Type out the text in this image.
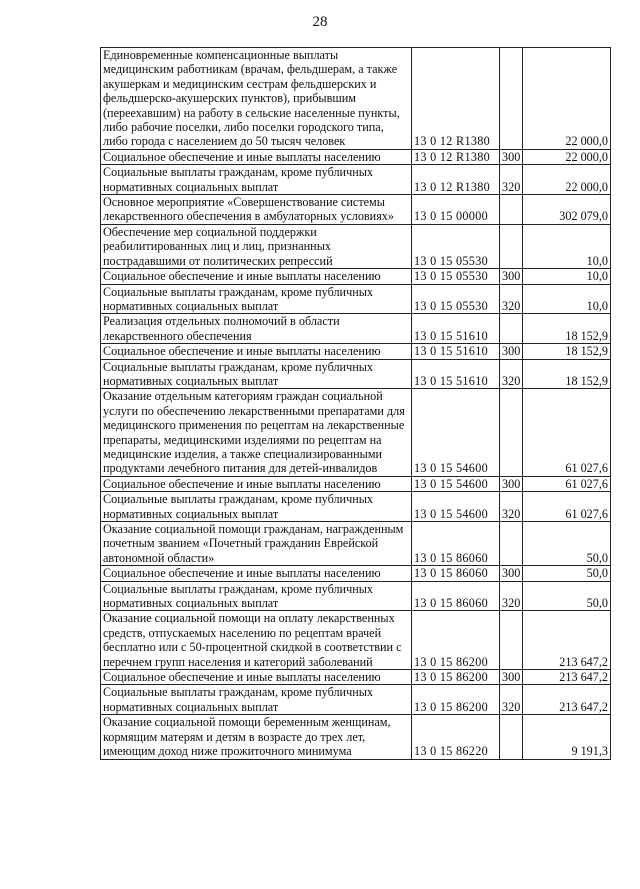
28
Единовременные компенсационные выплаты медицинским работникам (врачам, фельдшерам, а также акушеркам и медицинским сестрам фельдшерских и фельдшерско-акушерских пунктов), прибывшим (переехавшим) на работу в сельские населенные пункты, либо рабочие поселки, либо поселки городского типа, либо города с населением до 50 тысяч человек	13 0 12 R1380		22 000,0
Социальное обеспечение и иные выплаты населению	13 0 12 R1380	300	22 000,0
Социальные выплаты гражданам, кроме публичных нормативных социальных выплат	13 0 12 R1380	320	22 000,0
Основное мероприятие «Совершенствование системы лекарственного обеспечения в амбулаторных условиях»	13 0 15 00000		302 079,0
Обеспечение мер социальной поддержки реабилитированных лиц и лиц, признанных пострадавшими от политических репрессий	13 0 15 05530		10,0
Социальное обеспечение и иные выплаты населению	13 0 15 05530	300	10,0
Социальные выплаты гражданам, кроме публичных нормативных социальных выплат	13 0 15 05530	320	10,0
Реализация отдельных полномочий в области лекарственного обеспечения	13 0 15 51610		18 152,9
Социальное обеспечение и иные выплаты населению	13 0 15 51610	300	18 152,9
Социальные выплаты гражданам, кроме публичных нормативных социальных выплат	13 0 15 51610	320	18 152,9
Оказание отдельным категориям граждан социальной услуги по обеспечению лекарственными препаратами для медицинского применения по рецептам на лекарственные препараты, медицинскими изделиями по рецептам на медицинские изделия, а также специализированными продуктами лечебного питания для детей-инвалидов	13 0 15 54600		61 027,6
Социальное обеспечение и иные выплаты населению	13 0 15 54600	300	61 027,6
Социальные выплаты гражданам, кроме публичных нормативных социальных выплат	13 0 15 54600	320	61 027,6
Оказание социальной помощи гражданам, награжденным почетным званием «Почетный гражданин Еврейской автономной области»	13 0 15 86060		50,0
Социальное обеспечение и иные выплаты населению	13 0 15 86060	300	50,0
Социальные выплаты гражданам, кроме публичных нормативных социальных выплат	13 0 15 86060	320	50,0
Оказание социальной помощи на оплату лекарственных средств, отпускаемых населению по рецептам врачей бесплатно или с 50-процентной скидкой в соответствии с перечнем групп населения и категорий заболеваний	13 0 15 86200		213 647,2
Социальное обеспечение и иные выплаты населению	13 0 15 86200	300	213 647,2
Социальные выплаты гражданам, кроме публичных нормативных социальных выплат	13 0 15 86200	320	213 647,2
Оказание социальной помощи беременным женщинам, кормящим матерям и детям в возрасте до трех лет, имеющим доход ниже прожиточного минимума	13 0 15 86220		9 191,3
